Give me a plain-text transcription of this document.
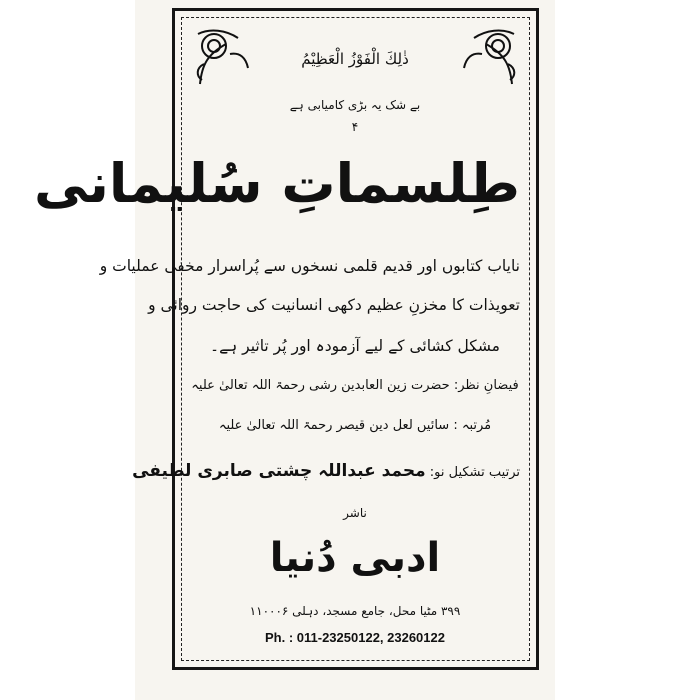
ذٰلِكَ الْفَوْزُ الْعَظِيْمُ
بے شک یہ بڑی کامیابی ہے
۴
طِلسماتِ سُلیمانی
نایاب کتابوں اور قدیم قلمی نسخوں سے پُراسرار مخفی عملیات و
تعویذات کا مخزنِ عظیم دکھی انسانیت کی حاجت روائی و
مشکل کشائی کے لیے آزمودہ اور پُر تاثیر ہے۔
فیضانِ نظر: حضرت زین العابدین رشی رحمۃ اللہ تعالیٰ علیہ
مُرتبہ : سائیں لعل دین قیصر رحمۃ اللہ تعالیٰ علیہ
ترتیب تشکیل نو: محمد عبداللہ چشتی صابری لطیفی
ناشر
ادبی دُنیا
۳۹۹ مٹیا محل، جامع مسجد، دہلی ۱۱۰۰۰۶
Ph. : 011-23250122, 23260122
